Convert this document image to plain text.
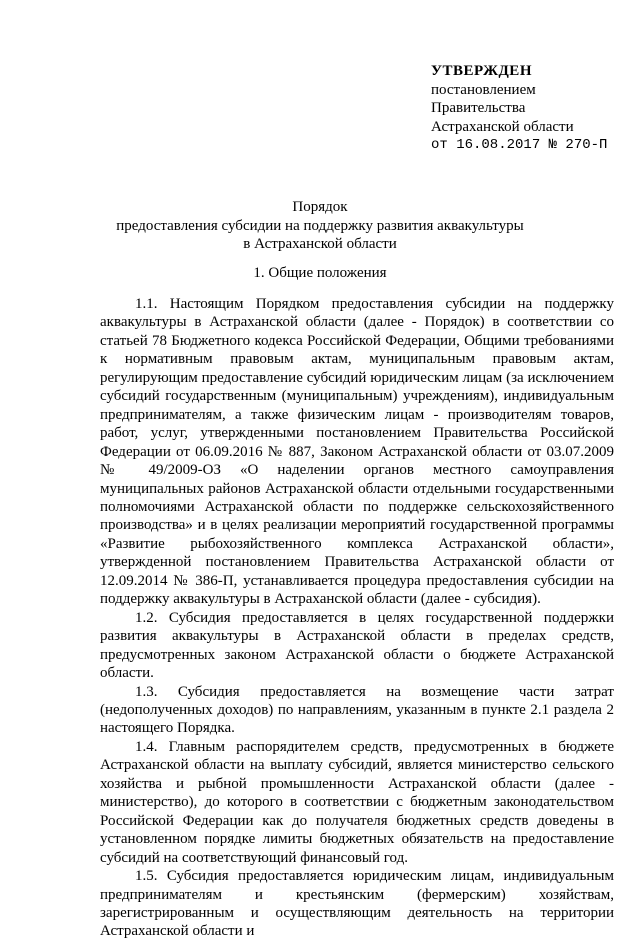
УТВЕРЖДЕН
постановлением
Правительства
Астраханской области
от 16.08.2017 № 270-П
Порядок
предоставления субсидии на поддержку развития аквакультуры
в Астраханской области
1. Общие положения

1.1. Настоящим Порядком предоставления субсидии на поддержку аквакультуры в Астраханской области (далее - Порядок) в соответствии со статьей 78 Бюджетного кодекса Российской Федерации, Общими требованиями к нормативным правовым актам, муниципальным правовым актам, регулирующим предоставление субсидий юридическим лицам (за исключением субсидий государственным (муниципальным) учреждениям), индивидуальным предпринимателям, а также физическим лицам - производителям товаров, работ, услуг, утвержденными постановлением Правительства Российской Федерации от 06.09.2016 № 887, Законом Астраханской области от 03.07.2009 № 49/2009-ОЗ «О наделении органов местного самоуправления муниципальных районов Астраханской области отдельными государственными полномочиями Астраханской области по поддержке сельскохозяйственного производства» и в целях реализации мероприятий государственной программы «Развитие рыбохозяйственного комплекса Астраханской области», утвержденной постановлением Правительства Астраханской области от 12.09.2014 № 386-П, устанавливается процедура предоставления субсидии на поддержку аквакультуры в Астраханской области (далее - субсидия).

1.2. Субсидия предоставляется в целях государственной поддержки развития аквакультуры в Астраханской области в пределах средств, предусмотренных законом Астраханской области о бюджете Астраханской области.

1.3. Субсидия предоставляется на возмещение части затрат (недополученных доходов) по направлениям, указанным в пункте 2.1 раздела 2 настоящего Порядка.

1.4. Главным распорядителем средств, предусмотренных в бюджете Астраханской области на выплату субсидий, является министерство сельского хозяйства и рыбной промышленности Астраханской области (далее - министерство), до которого в соответствии с бюджетным законодательством Российской Федерации как до получателя бюджетных средств доведены в установленном порядке лимиты бюджетных обязательств на предоставление субсидий на соответствующий финансовый год.

1.5. Субсидия предоставляется юридическим лицам, индивидуальным предпринимателям и крестьянским (фермерским) хозяйствам, зарегистрированным и осуществляющим деятельность на территории Астраханской области и
